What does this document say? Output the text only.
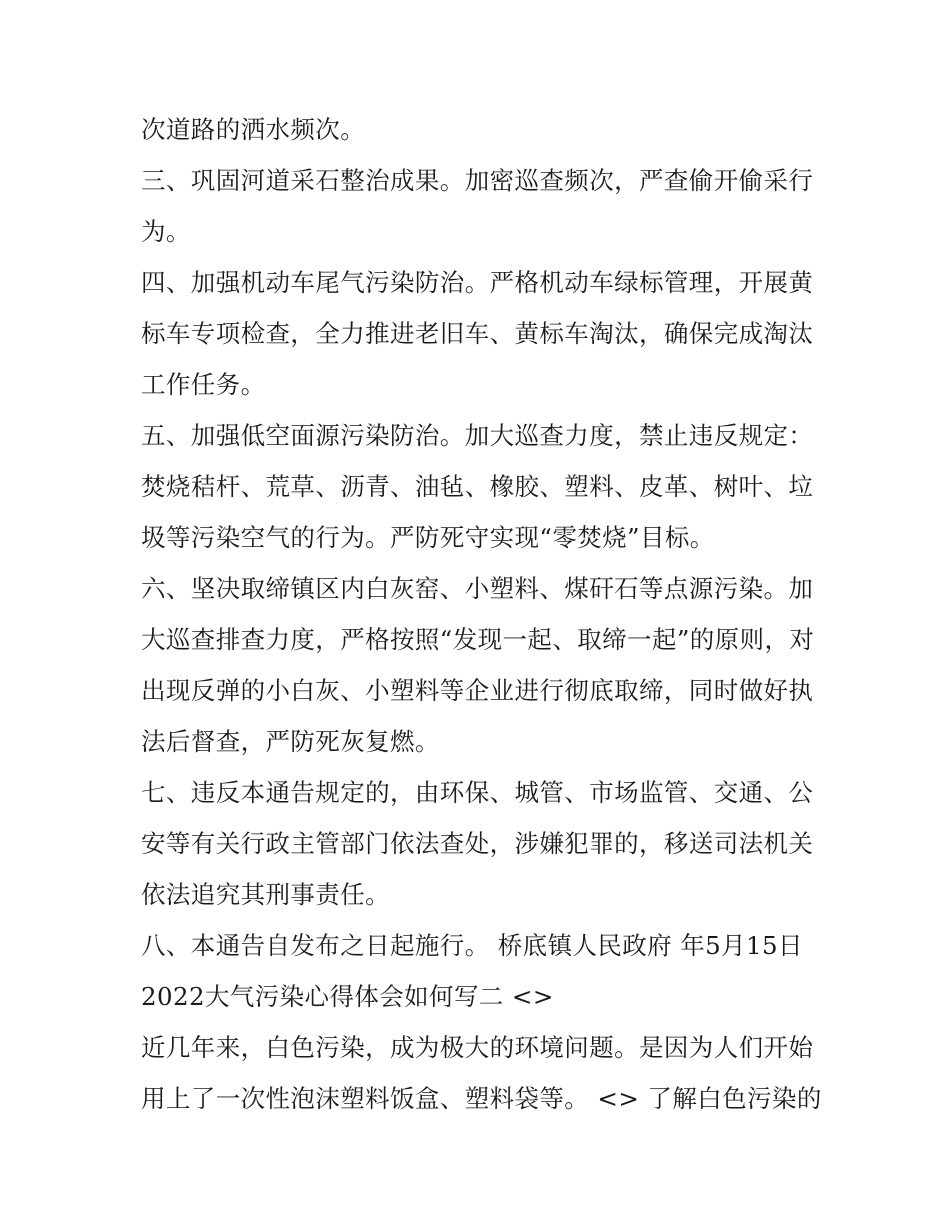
次道路的洒水频次。
三、巩固河道采石整治成果。加密巡查频次，严查偷开偷采行
为。
四、加强机动车尾气污染防治。严格机动车绿标管理，开展黄
标车专项检查，全力推进老旧车、黄标车淘汰，确保完成淘汰
工作任务。
五、加强低空面源污染防治。加大巡查力度，禁止违反规定：
焚烧秸杆、荒草、沥青、油毡、橡胶、塑料、皮革、树叶、垃
圾等污染空气的行为。严防死守实现“零焚烧”目标。
六、坚决取缔镇区内白灰窑、小塑料、煤矸石等点源污染。加
大巡查排查力度，严格按照“发现一起、取缔一起”的原则，对
出现反弹的小白灰、小塑料等企业进行彻底取缔，同时做好执
法后督查，严防死灰复燃。
七、违反本通告规定的，由环保、城管、市场监管、交通、公
安等有关行政主管部门依法查处，涉嫌犯罪的，移送司法机关
依法追究其刑事责任。
八、本通告自发布之日起施行。 桥底镇人民政府 年5月15日
2022大气污染心得体会如何写二 <>
近几年来，白色污染，成为极大的环境问题。是因为人们开始
用上了一次性泡沫塑料饭盒、塑料袋等。 <> 了解白色污染的
